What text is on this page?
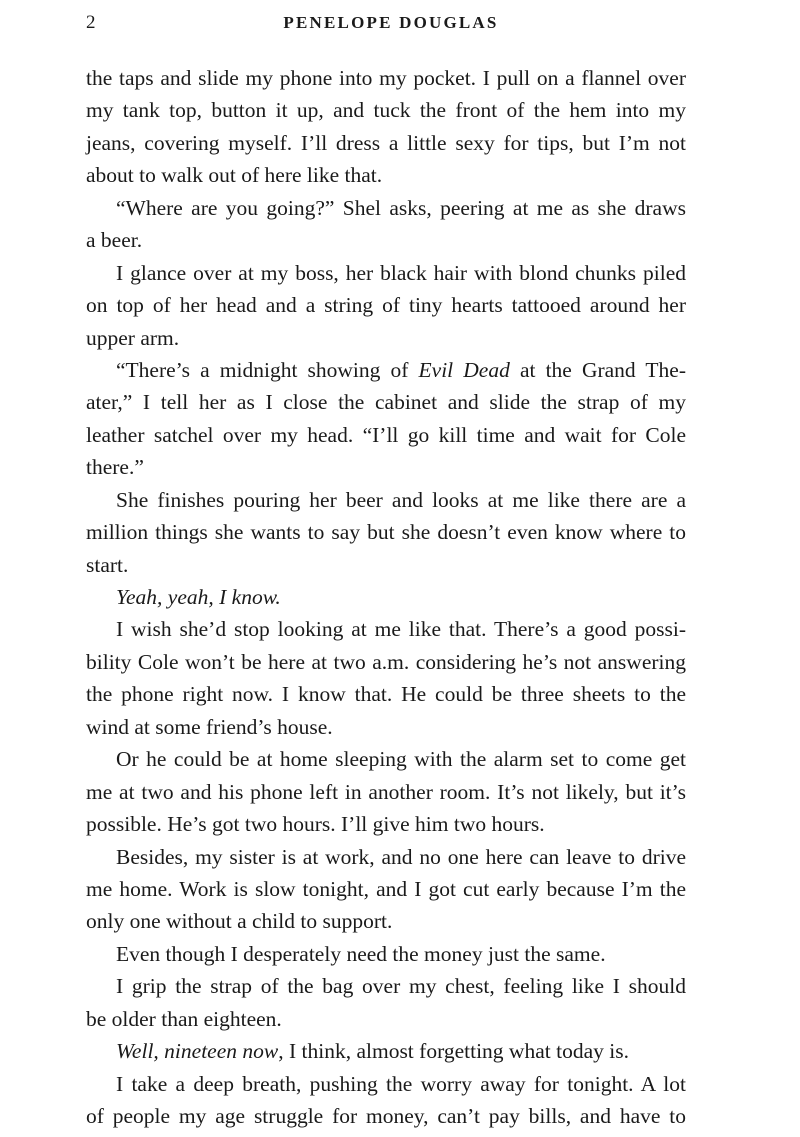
2	PENELOPE DOUGLAS
the taps and slide my phone into my pocket. I pull on a flannel over
my tank top, button it up, and tuck the front of the hem into my
jeans, covering myself. I’ll dress a little sexy for tips, but I’m not
about to walk out of here like that.
“Where are you going?” Shel asks, peering at me as she draws
a beer.
I glance over at my boss, her black hair with blond chunks piled
on top of her head and a string of tiny hearts tattooed around her
upper arm.
“There’s a midnight showing of Evil Dead at the Grand The-
ater,” I tell her as I close the cabinet and slide the strap of my
leather satchel over my head. “I’ll go kill time and wait for Cole
there.”
She finishes pouring her beer and looks at me like there are a
million things she wants to say but she doesn’t even know where to
start.
Yeah, yeah, I know.
I wish she’d stop looking at me like that. There’s a good possi-
bility Cole won’t be here at two a.m. considering he’s not answering
the phone right now. I know that. He could be three sheets to the
wind at some friend’s house.
Or he could be at home sleeping with the alarm set to come get
me at two and his phone left in another room. It’s not likely, but it’s
possible. He’s got two hours. I’ll give him two hours.
Besides, my sister is at work, and no one here can leave to drive
me home. Work is slow tonight, and I got cut early because I’m the
only one without a child to support.
Even though I desperately need the money just the same.
I grip the strap of the bag over my chest, feeling like I should
be older than eighteen.
Well, nineteen now, I think, almost forgetting what today is.
I take a deep breath, pushing the worry away for tonight. A lot
of people my age struggle for money, can’t pay bills, and have to
